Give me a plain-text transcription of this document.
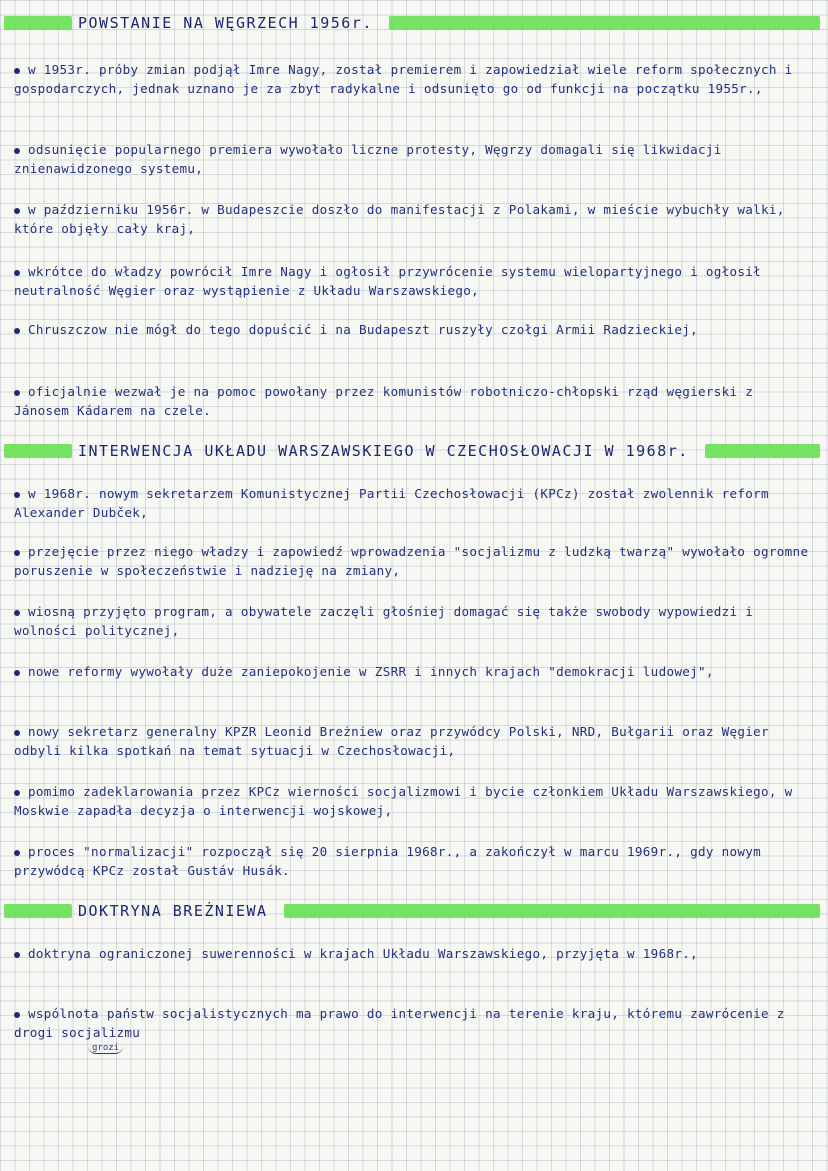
POWSTANIE NA WĘGRZECH 1956r.
w 1953r. próby zmian podjął Imre Nagy, został premierem i zapowiedział wiele reform społecznych i gospodarczych, jednak uznano je za zbyt radykalne i odsunięto go od funkcji na początku 1955r.,
odsunięcie popularnego premiera wywołało liczne protesty, Węgrzy domagali się likwidacji znienawidzonego systemu,
w październiku 1956r. w Budapeszcie doszło do manifestacji z Polakami, w mieście wybuchły walki, które objęły cały kraj,
wkrótce do władzy powrócił Imre Nagy i ogłosił przywrócenie systemu wielopartyjnego i ogłosił neutralność Węgier oraz wystąpienie z Układu Warszawskiego,
Chruszczow nie mógł do tego dopuścić i na Budapeszt ruszyły czołgi Armii Radzieckiej,
oficjalnie wezwał je na pomoc powołany przez komunistów robotniczo-chłopski rząd węgierski z Jánosem Kádarem na czele.
INTERWENCJA UKŁADU WARSZAWSKIEGO W CZECHOSŁOWACJI W 1968r.
w 1968r. nowym sekretarzem Komunistycznej Partii Czechosłowacji (KPCz) został zwolennik reform Alexander Dubček,
przejęcie przez niego władzy i zapowiedź wprowadzenia "socjalizmu z ludzką twarzą" wywołało ogromne poruszenie w społeczeństwie i nadzieję na zmiany,
wiosną przyjęto program, a obywatele zaczęli głośniej domagać się także swobody wypowiedzi i wolności politycznej,
nowe reformy wywołały duże zaniepokojenie w ZSRR i innych krajach "demokracji ludowej",
nowy sekretarz generalny KPZR Leonid Breżniew oraz przywódcy Polski, NRD, Bułgarii oraz Węgier odbyli kilka spotkań na temat sytuacji w Czechosłowacji,
pomimo zadeklarowania przez KPCz wierności socjalizmowi i bycie członkiem Układu Warszawskiego, w Moskwie zapadła decyzja o interwencji wojskowej,
proces "normalizacji" rozpoczął się 20 sierpnia 1968r., a zakończył w marcu 1969r., gdy nowym przywódcą KPCz został Gustáv Husák.
DOKTRYNA BREŻNIEWA
doktryna ograniczonej suwerenności w krajach Układu Warszawskiego, przyjęta w 1968r.,
wspólnota państw socjalistycznych ma prawo do interwencji na terenie kraju, któremu zawrócenie z drogi socjalizmu
grozi
